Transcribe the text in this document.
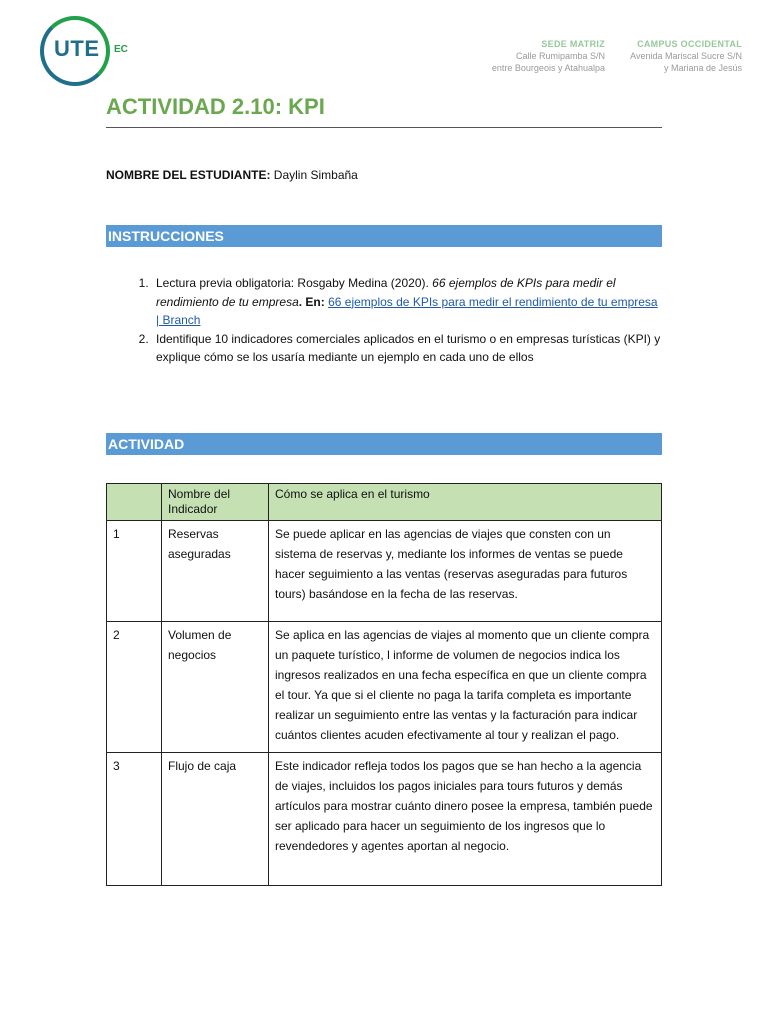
UTE EC	SEDE MATRIZ
Calle Rumipamba S/N
entre Bourgeois y Atahualpa
CAMPUS OCCIDENTAL
Avenida Mariscal Sucre S/N
y Mariana de Jesús
ACTIVIDAD 2.10: KPI
NOMBRE DEL ESTUDIANTE: Daylin Simbaña
INSTRUCCIONES
1. Lectura previa obligatoria: Rosgaby Medina (2020). 66 ejemplos de KPIs para medir el rendimiento de tu empresa. En: 66 ejemplos de KPIs para medir el rendimiento de tu empresa | Branch
2. Identifique 10 indicadores comerciales aplicados en el turismo o en empresas turísticas (KPI) y explique cómo se los usaría mediante un ejemplo en cada uno de ellos
ACTIVIDAD
	Nombre del Indicador	Cómo se aplica en el turismo
1	Reservas aseguradas	Se puede aplicar en las agencias de viajes que consten con un sistema de reservas y, mediante los informes de ventas se puede hacer seguimiento a las ventas (reservas aseguradas para futuros tours) basándose en la fecha de las reservas.
2	Volumen de negocios	Se aplica en las agencias de viajes al momento que un cliente compra un paquete turístico, l informe de volumen de negocios indica los ingresos realizados en una fecha específica en que un cliente compra el tour. Ya que si el cliente no paga la tarifa completa es importante realizar un seguimiento entre las ventas y la facturación para indicar cuántos clientes acuden efectivamente al tour y realizan el pago.
3	Flujo de caja	Este indicador refleja todos los pagos que se han hecho a la agencia de viajes, incluidos los pagos iniciales para tours futuros y demás artículos para mostrar cuánto dinero posee la empresa, también puede ser aplicado para hacer un seguimiento de los ingresos que lo revendedores y agentes aportan al negocio.
